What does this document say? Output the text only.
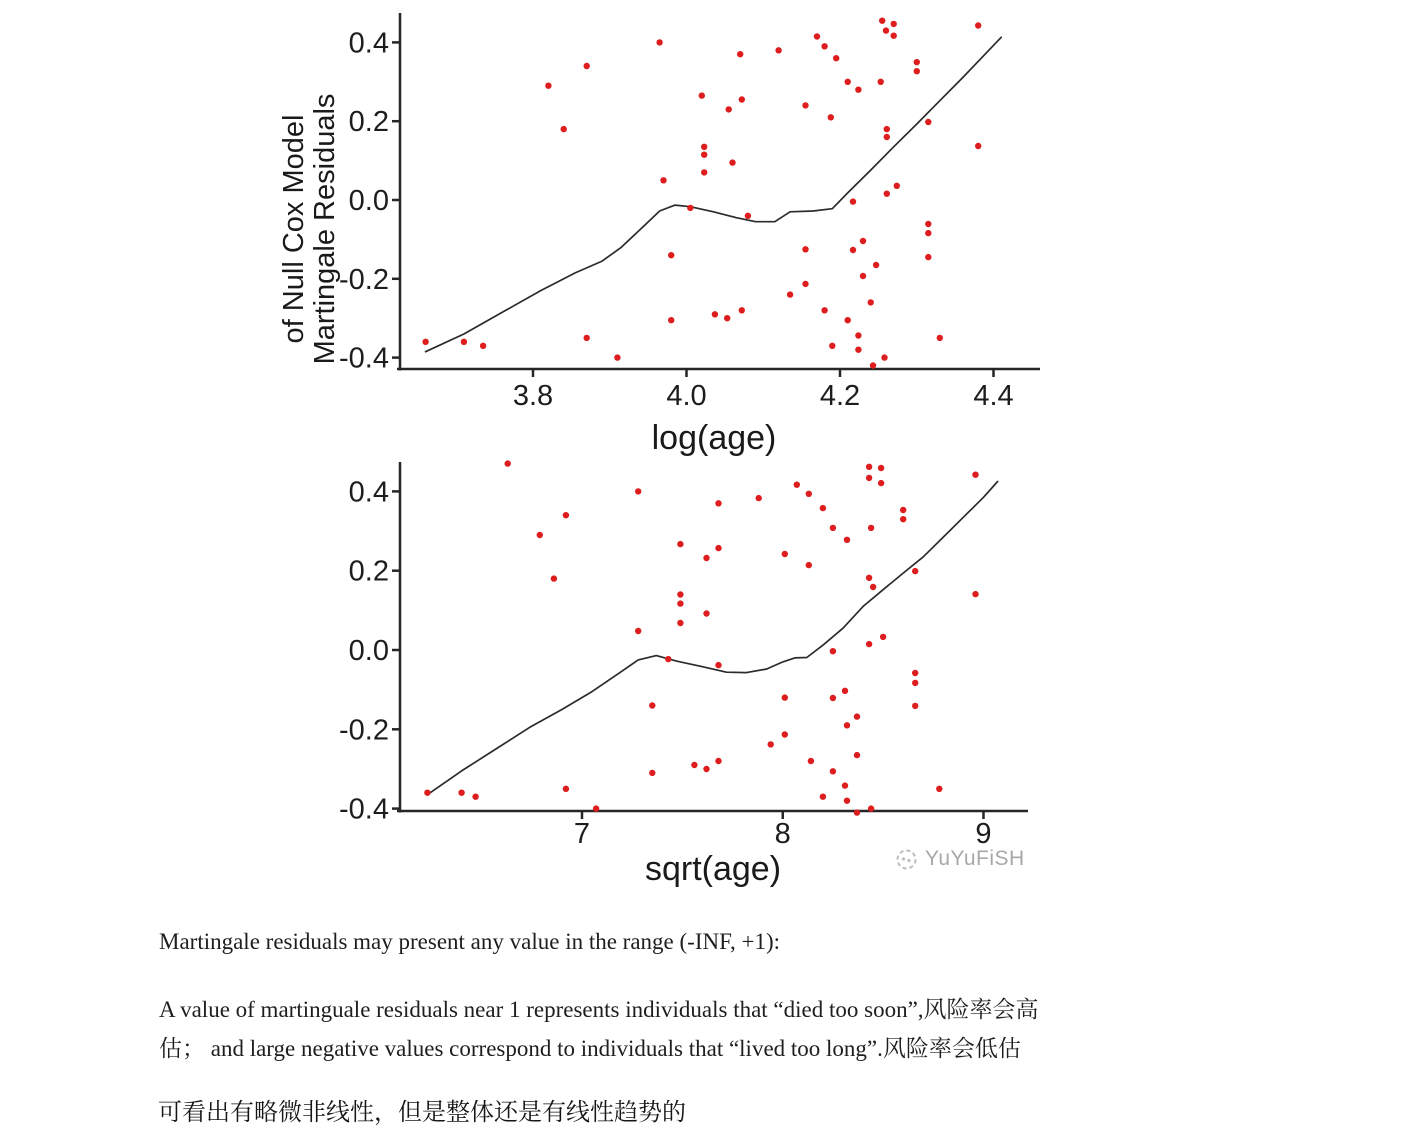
3.8	4.0	4.2	4.4
0.4
0.2
0.0
-0.2
-0.4
log(age)
Martingale Residuals
of Null Cox Model
7	8	9
0.4
0.2
0.0
-0.2
-0.4
sqrt(age)
Martingale residuals may present any value in the range (-INF, +1):
A value of martinguale residuals near 1 represents individuals that “died too soon”,风险率会高
估； and large negative values correspond to individuals that “lived too long”.风险率会低估
可看出有略微非线性，但是整体还是有线性趋势的
YuYuFiSH
